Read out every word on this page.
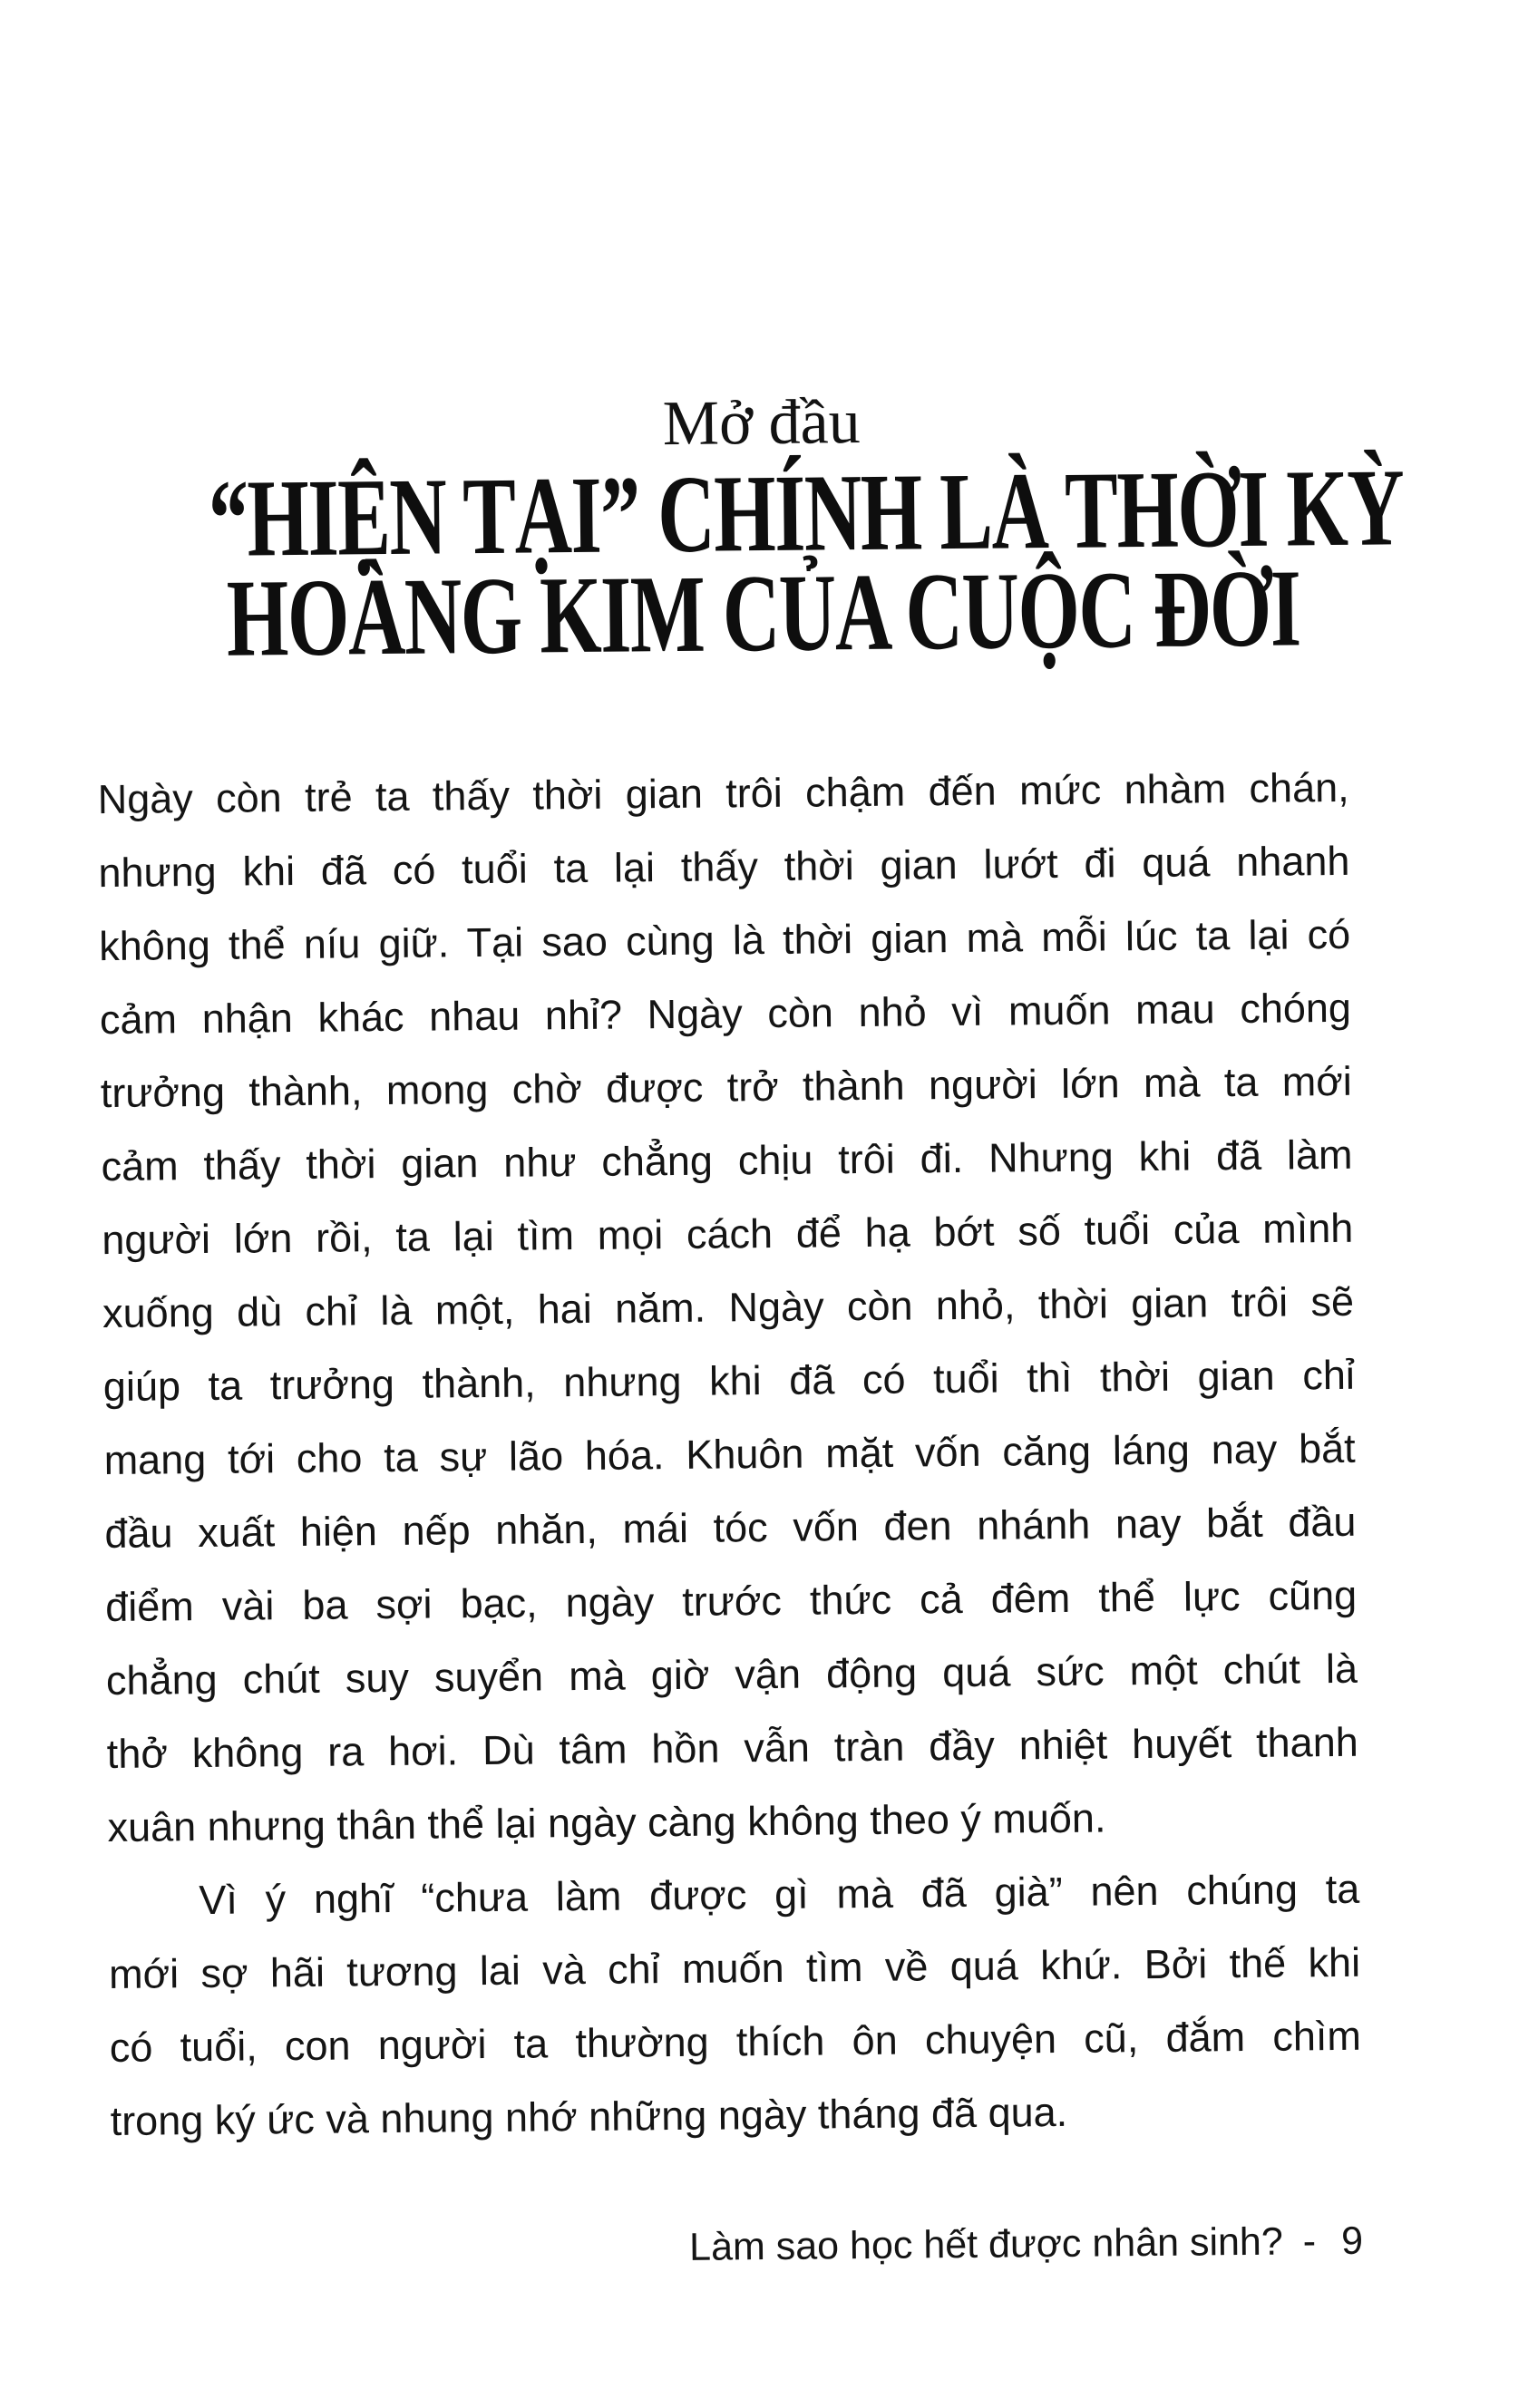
Mở đầu
“HIỆN TẠI” CHÍNH LÀ THỜI KỲ
HOÀNG KIM CỦA CUỘC ĐỜI
Ngày còn trẻ ta thấy thời gian trôi chậm đến mức nhàm chán,
nhưng khi đã có tuổi ta lại thấy thời gian lướt đi quá nhanh
không thể níu giữ. Tại sao cùng là thời gian mà mỗi lúc ta lại có
cảm nhận khác nhau nhỉ? Ngày còn nhỏ vì muốn mau chóng
trưởng thành, mong chờ được trở thành người lớn mà ta mới
cảm thấy thời gian như chẳng chịu trôi đi. Nhưng khi đã làm
người lớn rồi, ta lại tìm mọi cách để hạ bớt số tuổi của mình
xuống dù chỉ là một, hai năm. Ngày còn nhỏ, thời gian trôi sẽ
giúp ta trưởng thành, nhưng khi đã có tuổi thì thời gian chỉ
mang tới cho ta sự lão hóa. Khuôn mặt vốn căng láng nay bắt
đầu xuất hiện nếp nhăn, mái tóc vốn đen nhánh nay bắt đầu
điểm vài ba sợi bạc, ngày trước thức cả đêm thể lực cũng
chẳng chút suy suyển mà giờ vận động quá sức một chút là
thở không ra hơi. Dù tâm hồn vẫn tràn đầy nhiệt huyết thanh
xuân nhưng thân thể lại ngày càng không theo ý muốn.
Vì ý nghĩ “chưa làm được gì mà đã già” nên chúng ta
mới sợ hãi tương lai và chỉ muốn tìm về quá khứ. Bởi thế khi
có tuổi, con người ta thường thích ôn chuyện cũ, đắm chìm
trong ký ức và nhung nhớ những ngày tháng đã qua.
Làm sao học hết được nhân sinh? - 9
